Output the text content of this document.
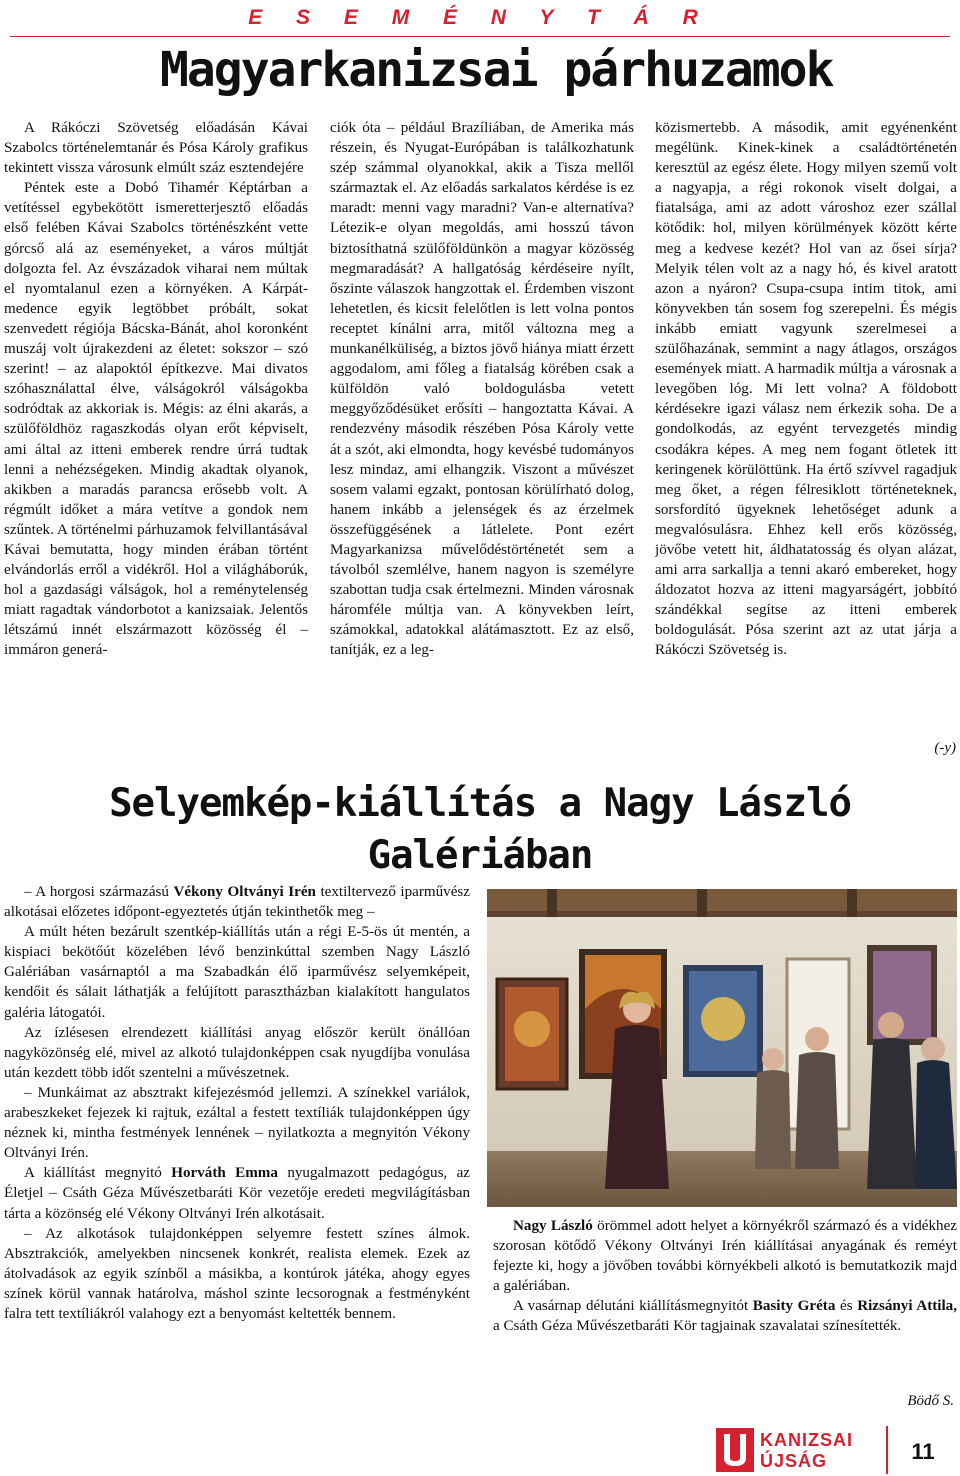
E S E M É N Y T Á R
Magyarkanizsai párhuzamok

A Rákóczi Szövetség előadásán Kávai Szabolcs történelemtanár és Pósa Károly grafikus tekintett vissza városunk elmúlt száz esztendejére

Péntek este a Dobó Tihamér Képtárban a vetítéssel egybekötött ismeretterjesztő előadás első felében Kávai Szabolcs történészként vette górcső alá az eseményeket, a város múltját dolgozta fel. Az évszázadok viharai nem múltak el nyomtalanul ezen a környéken. A Kárpát-medence egyik legtöbbet próbált, sokat szenvedett régiója Bácska-Bánát, ahol koronként muszáj volt újrakezdeni az életet: sokszor – szó szerint! – az alapoktól építkezve. Mai divatos szóhasználattal élve, válságokról válságokba sodródtak az akkoriak is. Mégis: az élni akarás, a szülőföldhöz ragaszkodás olyan erőt képviselt, ami által az itteni emberek rendre úrrá tudtak lenni a nehézségeken. Mindig akadtak olyanok, akikben a maradás parancsa erősebb volt. A régmúlt időket a mára vetítve a gondok nem szűntek. A történelmi párhuzamok felvillantásával Kávai bemutatta, hogy minden érában történt elvándorlás erről a vidékről. Hol a világháborúk, hol a gazdasági válságok, hol a reménytelenség miatt ragadtak vándorbotot a kanizsaiak. Jelentős létszámú innét elszármazott közösség él – immáron generá-

ciók óta – például Brazíliában, de Amerika más részein, és Nyugat-Európában is találkozhatunk szép számmal olyanokkal, akik a Tisza mellől származtak el. Az előadás sarkalatos kérdése is ez maradt: menni vagy maradni? Van-e alternatíva? Létezik-e olyan megoldás, ami hosszú távon biztosíthatná szülőföldünkön a magyar közösség megmaradását? A hallgatóság kérdéseire nyílt, őszinte válaszok hangzottak el. Érdemben viszont lehetetlen, és kicsit felelőtlen is lett volna pontos receptet kínálni arra, mitől változna meg a munkanélküliség, a biztos jövő hiánya miatt érzett aggodalom, ami főleg a fiatalság körében csak a külföldön való boldogulásba vetett meggyőződésüket erősíti – hangoztatta Kávai. A rendezvény második részében Pósa Károly vette át a szót, aki elmondta, hogy kevésbé tudományos lesz mindaz, ami elhangzik. Viszont a művészet sosem valami egzakt, pontosan körülírható dolog, hanem inkább a jelenségek és az érzelmek összefüggésének a látlelete. Pont ezért Magyarkanizsa művelődéstörténetét sem a távolból szemlélve, hanem nagyon is személyre szabottan tudja csak értelmezni. Minden városnak háromféle múltja van. A könyvekben leírt, számokkal, adatokkal alátámasztott. Ez az első, tanítják, ez a leg-

közismertebb. A második, amit egyénenként megélünk. Kinek-kinek a családtörténetén keresztül az egész élete. Hogy milyen szemű volt a nagyapja, a régi rokonok viselt dolgai, a fiatalsága, ami az adott városhoz ezer szállal kötődik: hol, milyen körülmények között kérte meg a kedvese kezét? Hol van az ősei sírja? Melyik télen volt az a nagy hó, és kivel aratott azon a nyáron? Csupa-csupa intim titok, ami könyvekben tán sosem fog szerepelni. És mégis inkább emiatt vagyunk szerelmesei a szülőhazának, semmint a nagy átlagos, országos események miatt. A harmadik múltja a városnak a levegőben lóg. Mi lett volna? A földobott kérdésekre igazi válasz nem érkezik soha. De a gondolkodás, az egyént tervezgetés mindig csodákra képes. A meg nem fogant ötletek itt keringenek körülöttünk. Ha értő szívvel ragadjuk meg őket, a régen félresiklott történeteknek, sorsfordító ügyeknek lehetőséget adunk a megvalósulásra. Ehhez kell erős közösség, jövőbe vetett hit, áldhatatosság és olyan alázat, ami arra sarkallja a tenni akaró embereket, hogy áldozatot hozva az itteni magyarságért, jobbító szándékkal segítse az itteni emberek boldogulását. Pósa szerint azt az utat járja a Rákóczi Szövetség is.

(-y)
Selyemkép-kiállítás a Nagy László Galériában

– A horgosi származású Vékony Oltványi Irén textiltervező iparművész alkotásai előzetes időpont-egyeztetés útján tekinthetők meg –

A múlt héten bezárult szentkép-kiállítás után a régi E-5-ös út mentén, a kispiaci bekötőút közelében lévő benzinkúttal szemben Nagy László Galériában vasárnaptól a ma Szabadkán élő iparművész selyemképeit, kendőit és sálait láthatják a felújított parasztházban kialakított hangulatos galéria látogatói.

Az ízlésesen elrendezett kiállítási anyag először került önállóan nagyközönség elé, mivel az alkotó tulajdonképpen csak nyugdíjba vonulása után kezdett több időt szentelni a művészetnek.

– Munkáimat az absztrakt kifejezésmód jellemzi. A színekkel variálok, arabeszkeket fejezek ki rajtuk, ezáltal a festett textíliák tulajdonképpen úgy néznek ki, mintha festmények lennének – nyilatkozta a megnyitón Vékony Oltványi Irén.

A kiállítást megnyitó Horváth Emma nyugalmazott pedagógus, az Életjel – Csáth Géza Művészetbaráti Kör vezetője eredeti megvilágításban tárta a közönség elé Vékony Oltványi Irén alkotásait.

– Az alkotások tulajdonképpen selyemre festett színes álmok. Absztrakciók, amelyekben nincsenek konkrét, realista elemek. Ezek az átolvadások az egyik színből a másikba, a kontúrok játéka, ahogy egyes színek körül vannak határolva, máshol szinte lecsorognak a festményként falra tett textíliákról valahogy ezt a benyomást keltették bennem.

Nagy László örömmel adott helyet a környékről származó és a vidékhez szorosan kötődő Vékony Oltványi Irén kiállításai anyagának és reméyt fejezte ki, hogy a jövőben további környékbeli alkotó is bemutatkozik majd a galériában.

A vasárnap délutáni kiállításmegnyitót Basity Gréta és Rizsányi Attila, a Csáth Géza Művészetbaráti Kör tagjainak szavalatai színesítették.

Bödő S.
KANIZSAI
ÚJSÁG	11
